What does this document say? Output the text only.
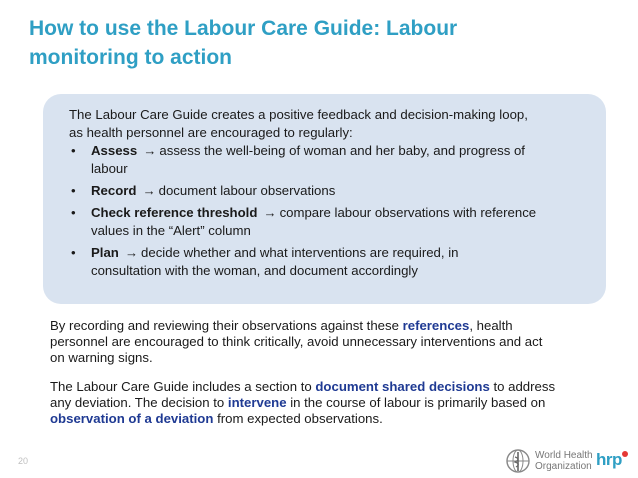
How to use the Labour Care Guide: Labour
monitoring to action
The Labour Care Guide creates a positive feedback and decision-making loop,
as health personnel are encouraged to regularly:
• Assess → assess the well-being of woman and her baby, and progress of
labour
• Record → document labour observations
• Check reference threshold → compare labour observations with reference
values in the “Alert” column
• Plan → decide whether and what interventions are required, in
consultation with the woman, and document accordingly
By recording and reviewing their observations against these references, health
personnel are encouraged to think critically, avoid unnecessary interventions and act
on warning signs.
The Labour Care Guide includes a section to document shared decisions to address
any deviation. The decision to intervene in the course of labour is primarily based on
observation of a deviation from expected observations.
20	World Health
Organization hrp
